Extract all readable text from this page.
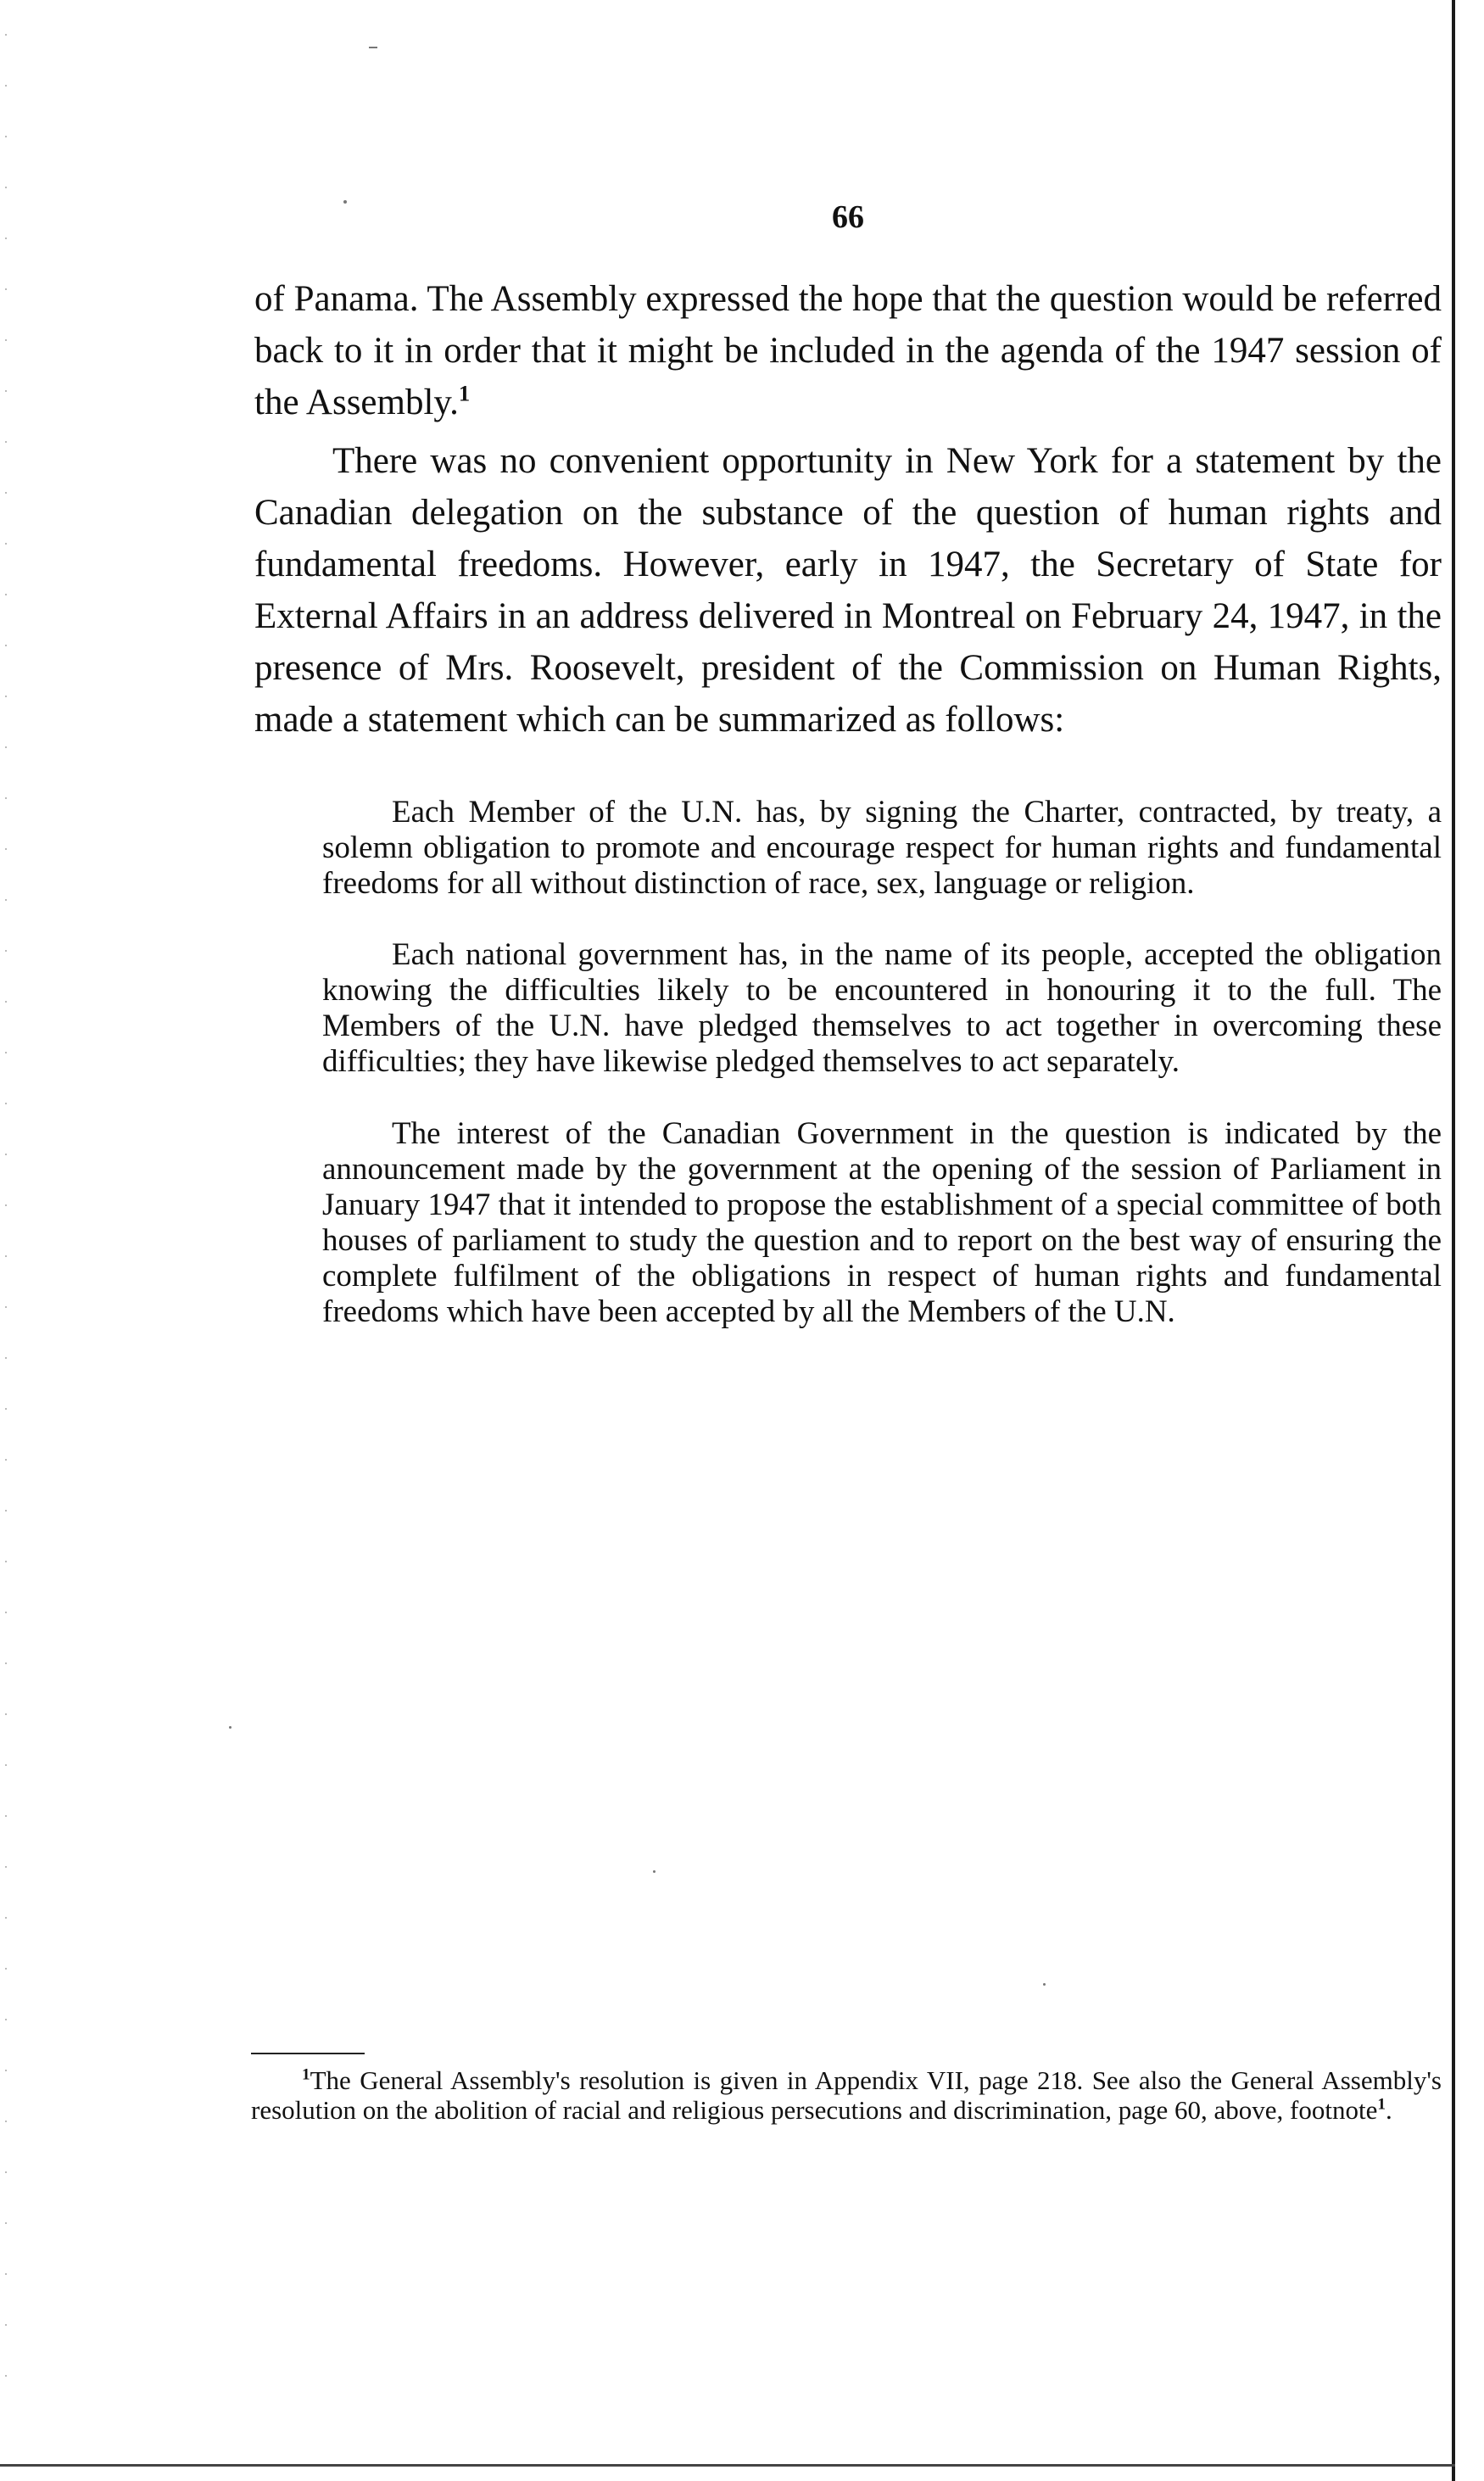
66

of Panama. The Assembly expressed the hope that the question would be referred back to it in order that it might be included in the agenda of the 1947 session of the Assembly.$^1$

There was no convenient opportunity in New York for a statement by the Canadian delegation on the substance of the question of human rights and fundamental freedoms. However, early in 1947, the Secretary of State for External Affairs in an address delivered in Montreal on February 24, 1947, in the presence of Mrs. Roosevelt, president of the Commission on Human Rights, made a statement which can be summarized as follows:

Each Member of the U.N. has, by signing the Charter, contracted, by treaty, a solemn obligation to promote and encourage respect for human rights and fundamental freedoms for all without distinction of race, sex, language or religion.

Each national government has, in the name of its people, accepted the obligation knowing the difficulties likely to be encountered in honouring it to the full. The Members of the U.N. have pledged themselves to act together in overcoming these difficulties; they have likewise pledged themselves to act separately.

The interest of the Canadian Government in the question is indicated by the announcement made by the government at the opening of the session of Parliament in January 1947 that it intended to propose the establishment of a special committee of both houses of parliament to study the question and to report on the best way of ensuring the complete fulfilment of the obligations in respect of human rights and fundamental freedoms which have been accepted by all the Members of the U.N.

$^1$The General Assembly's resolution is given in Appendix VII, page 218. See also the General Assembly's resolution on the abolition of racial and religious persecutions and discrimination, page 60, above, footnote$^1$.
